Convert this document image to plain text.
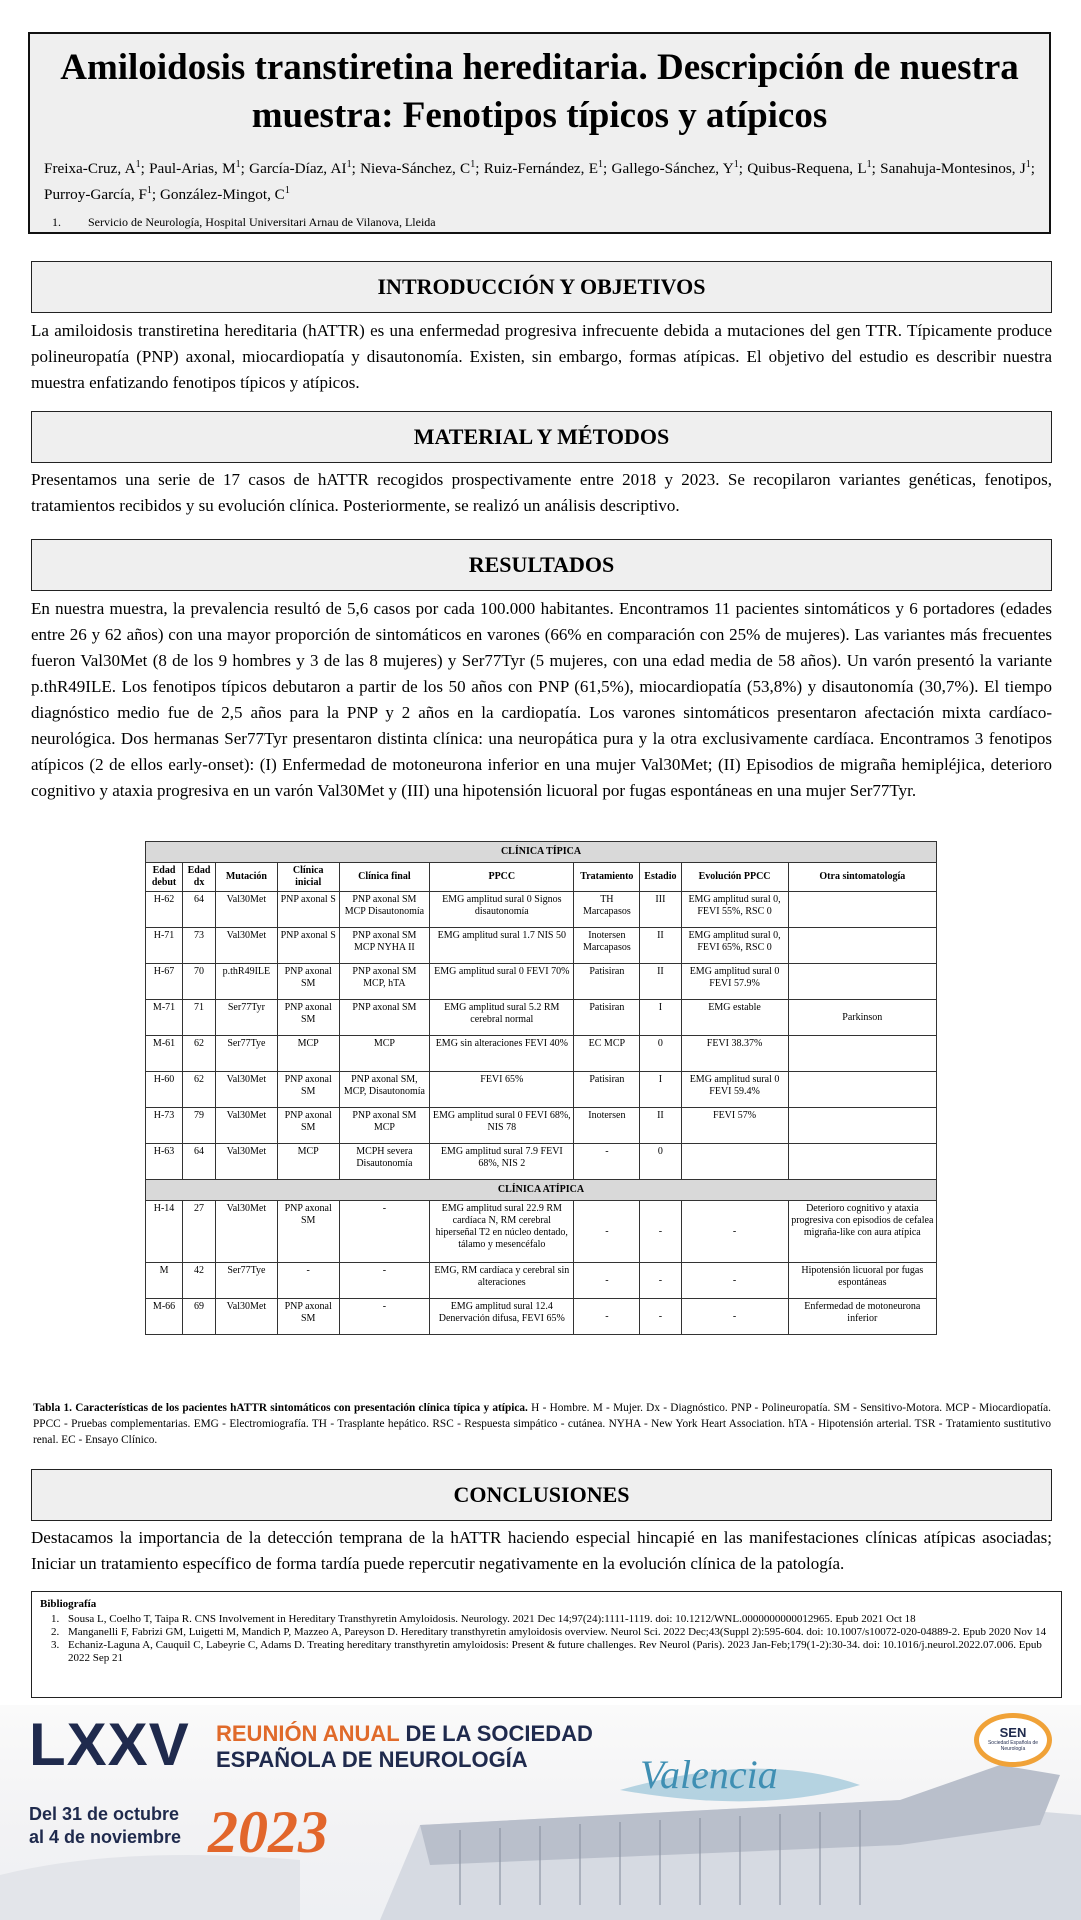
Amiloidosis transtiretina hereditaria. Descripción de nuestra muestra: Fenotipos típicos y atípicos
Freixa-Cruz, $A^1$; Paul-Arias, $M^1$; García-Díaz, $AI^1$; Nieva-Sánchez, $C^1$; Ruiz-Fernández, $E^1$; Gallego-Sánchez, $Y^1$; Quibus-Requena, $L^1$; Sanahuja-Montesinos, $J^1$; Purroy-García, $F^1$; González-Mingot, $C^1$
1. Servicio de Neurología, Hospital Universitari Arnau de Vilanova, Lleida
INTRODUCCIÓN Y OBJETIVOS
La amiloidosis transtiretina hereditaria (hATTR) es una enfermedad progresiva infrecuente debida a mutaciones del gen TTR. Típicamente produce polineuropatía (PNP) axonal, miocardiopatía y disautonomía. Existen, sin embargo, formas atípicas. El objetivo del estudio es describir nuestra muestra enfatizando fenotipos típicos y atípicos.
MATERIAL Y MÉTODOS
Presentamos una serie de 17 casos de hATTR recogidos prospectivamente entre 2018 y 2023. Se recopilaron variantes genéticas, fenotipos, tratamientos recibidos y su evolución clínica. Posteriormente, se realizó un análisis descriptivo.
RESULTADOS
En nuestra muestra, la prevalencia resultó de 5,6 casos por cada 100.000 habitantes. Encontramos 11 pacientes sintomáticos y 6 portadores (edades entre 26 y 62 años) con una mayor proporción de sintomáticos en varones (66% en comparación con 25% de mujeres). Las variantes más frecuentes fueron Val30Met (8 de los 9 hombres y 3 de las 8 mujeres) y Ser77Tyr (5 mujeres, con una edad media de 58 años). Un varón presentó la variante p.thR49ILE. Los fenotipos típicos debutaron a partir de los 50 años con PNP (61,5%), miocardiopatía (53,8%) y disautonomía (30,7%). El tiempo diagnóstico medio fue de 2,5 años para la PNP y 2 años en la cardiopatía. Los varones sintomáticos presentaron afectación mixta cardíaco-neurológica. Dos hermanas Ser77Tyr presentaron distinta clínica: una neuropática pura y la otra exclusivamente cardíaca. Encontramos 3 fenotipos atípicos (2 de ellos early-onset): (I) Enfermedad de motoneurona inferior en una mujer Val30Met; (II) Episodios de migraña hemipléjica, deterioro cognitivo y ataxia progresiva en un varón Val30Met y (III) una hipotensión licuoral por fugas espontáneas en una mujer Ser77Tyr.
CLÍNICA TÍPICA									
Edad debut	Edad dx	Mutación	Clínica inicial	Clínica final	PPCC	Tratamiento	Estadio	Evolución PPCC	Otra sintomatología
H-62	64	Val30Met	PNP axonal S	PNP axonal SM MCP Disautonomía	EMG amplitud sural 0 Signos disautonomía	TH Marcapasos	III	EMG amplitud sural 0, FEVI 55%, RSC 0	
H-71	73	Val30Met	PNP axonal S	PNP axonal SM MCP NYHA II	EMG amplitud sural 1.7 NIS 50	Inotersen Marcapasos	II	EMG amplitud sural 0, FEVI 65%, RSC 0	
H-67	70	p.thR49ILE	PNP axonal SM	PNP axonal SM MCP, hTA	EMG amplitud sural 0 FEVI 70%	Patisiran	II	EMG amplitud sural 0 FEVI 57.9%	
M-71	71	Ser77Tyr	PNP axonal SM	PNP axonal SM	EMG amplitud sural 5.2 RM cerebral normal	Patisiran	I	EMG estable	Parkinson
M-61	62	Ser77Tye	MCP	MCP	EMG sin alteraciones FEVI 40%	EC MCP	0	FEVI 38.37%	
H-60	62	Val30Met	PNP axonal SM	PNP axonal SM, MCP, Disautonomía	FEVI 65%	Patisiran	I	EMG amplitud sural 0 FEVI 59.4%	
H-73	79	Val30Met	PNP axonal SM	PNP axonal SM MCP	EMG amplitud sural 0 FEVI 68%, NIS 78	Inotersen	II	FEVI 57%	
H-63	64	Val30Met	MCP	MCPH severa Disautonomía	EMG amplitud sural 7.9 FEVI 68%, NIS 2	-	0		
CLÍNICA ATÍPICA									
H-14	27	Val30Met	PNP axonal SM	-	EMG amplitud sural 22.9 RM cardíaca N, RM cerebral hiperseñal T2 en núcleo dentado, tálamo y mesencéfalo	-	-	-	Deterioro cognitivo y ataxia progresiva con episodios de cefalea migraña-like con aura atípica
M	42	Ser77Tye	-	-	EMG, RM cardíaca y cerebral sin alteraciones	-	-	-	Hipotensión licuoral por fugas espontáneas
M-66	69	Val30Met	PNP axonal SM	-	EMG amplitud sural 12.4 Denervación difusa, FEVI 65%	-	-	-	Enfermedad de motoneurona inferior
Tabla 1. Características de los pacientes hATTR sintomáticos con presentación clínica típica y atípica. H - Hombre. M - Mujer. Dx - Diagnóstico. PNP - Polineuropatía. SM - Sensitivo-Motora. MCP - Miocardiopatía. PPCC - Pruebas complementarias. EMG - Electromiografía. TH - Trasplante hepático. RSC - Respuesta simpático - cutánea. NYHA - New York Heart Association. hTA - Hipotensión arterial. TSR - Tratamiento sustitutivo renal. EC - Ensayo Clínico.
CONCLUSIONES
Destacamos la importancia de la detección temprana de la hATTR haciendo especial hincapié en las manifestaciones clínicas atípicas asociadas; Iniciar un tratamiento específico de forma tardía puede repercutir negativamente en la evolución clínica de la patología.
Bibliografía
1. Sousa L, Coelho T, Taipa R. CNS Involvement in Hereditary Transthyretin Amyloidosis. Neurology. 2021 Dec 14;97(24):1111-1119. doi: 10.1212/WNL.0000000000012965. Epub 2021 Oct 18
2. Manganelli F, Fabrizi GM, Luigetti M, Mandich P, Mazzeo A, Pareyson D. Hereditary transthyretin amyloidosis overview. Neurol Sci. 2022 Dec;43(Suppl 2):595-604. doi: 10.1007/s10072-020-04889-2. Epub 2020 Nov 14
3. Echaniz-Laguna A, Cauquil C, Labeyrie C, Adams D. Treating hereditary transthyretin amyloidosis: Present & future challenges. Rev Neurol (Paris). 2023 Jan-Feb;179(1-2):30-34. doi: 10.1016/j.neurol.2022.07.006. Epub 2022 Sep 21
LXXV REUNIÓN ANUAL DE LA SOCIEDAD
ESPAÑOLA DE NEUROLOGÍA	Valencia
Del 31 de octubre
al 4 de noviembre 2023
SEN
Sociedad Española de Neurología
